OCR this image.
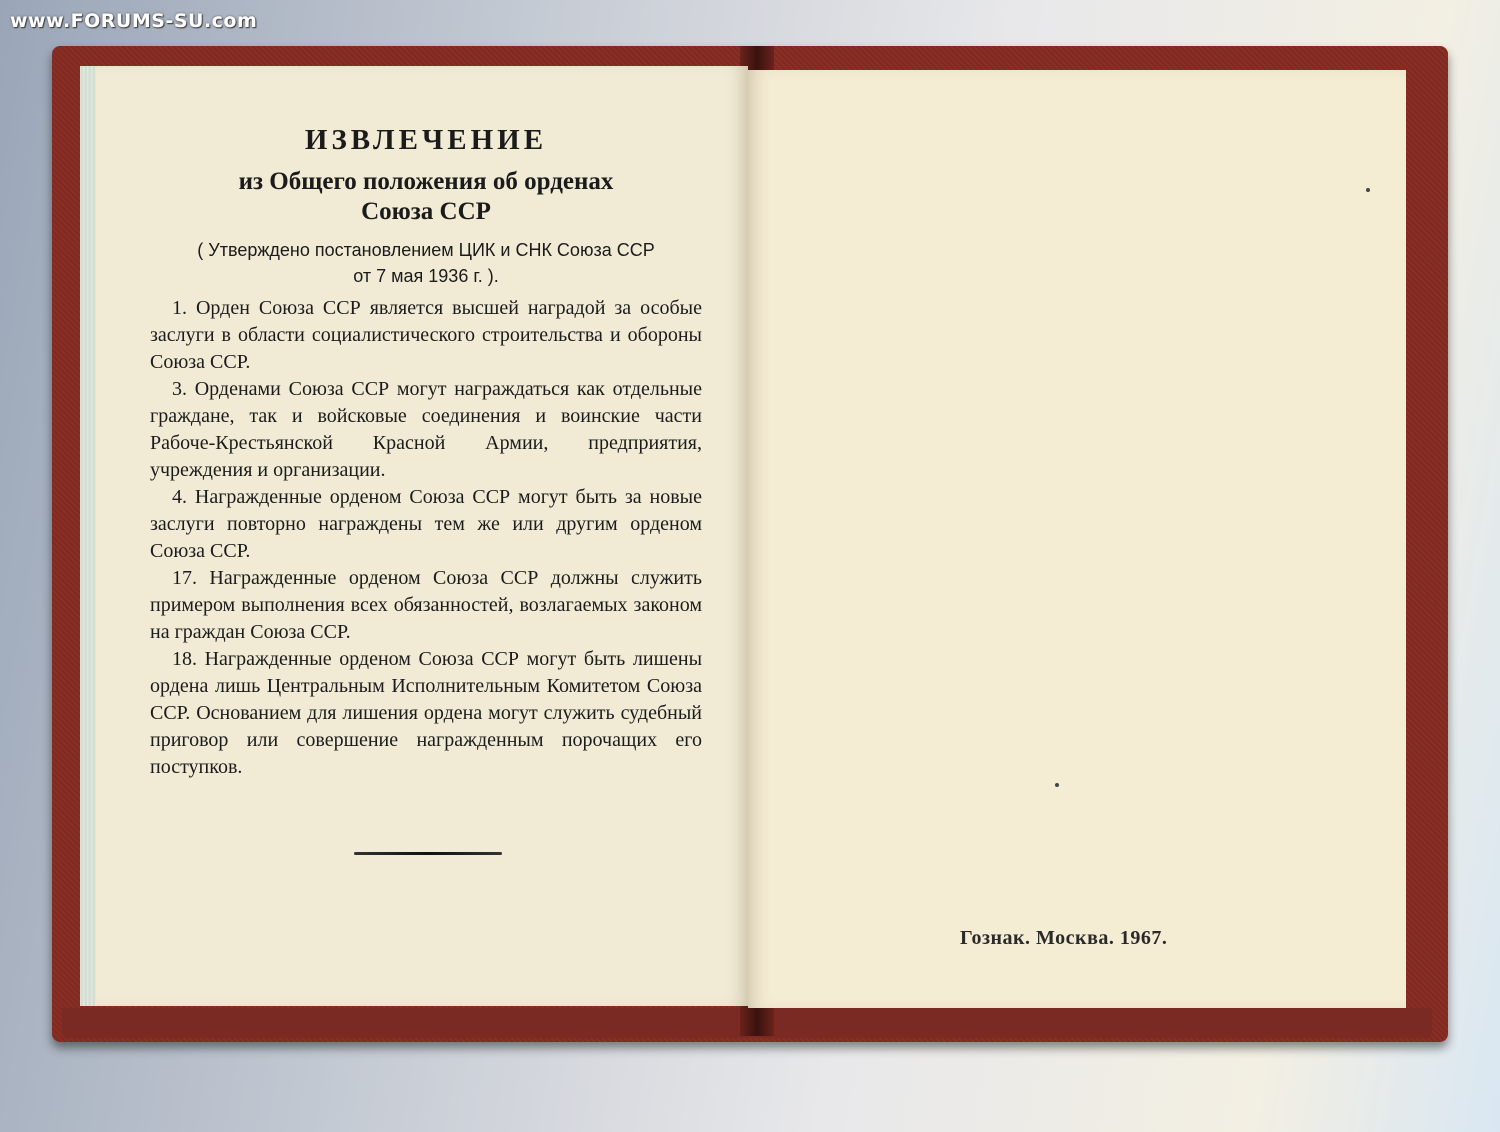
www.FORUMS-SU.com
ИЗВЛЕЧЕНИЕ
из Общего положения об орденах
Союза ССР
( Утверждено постановлением ЦИК и СНК Союза ССР
от 7 мая 1936 г. ).

1. Орден Союза ССР является высшей наградой за особые заслуги в области социалистического строительства и обороны Союза ССР.

3. Орденами Союза ССР могут награждаться как отдельные граждане, так и войсковые соединения и воинские части Рабоче-Крестьянской Красной Армии, предприятия, учреждения и организации.

4. Награжденные орденом Союза ССР могут быть за новые заслуги повторно награждены тем же или другим орденом Союза ССР.

17. Награжденные орденом Союза ССР должны служить примером выполнения всех обязанностей, возлагаемых законом на граждан Союза ССР.

18. Награжденные орденом Союза ССР могут быть лишены ордена лишь Центральным Исполнительным Комитетом Союза ССР. Основанием для лишения ордена могут служить судебный приговор или совершение награжденным порочащих его поступков.

Гознак. Москва. 1967.
